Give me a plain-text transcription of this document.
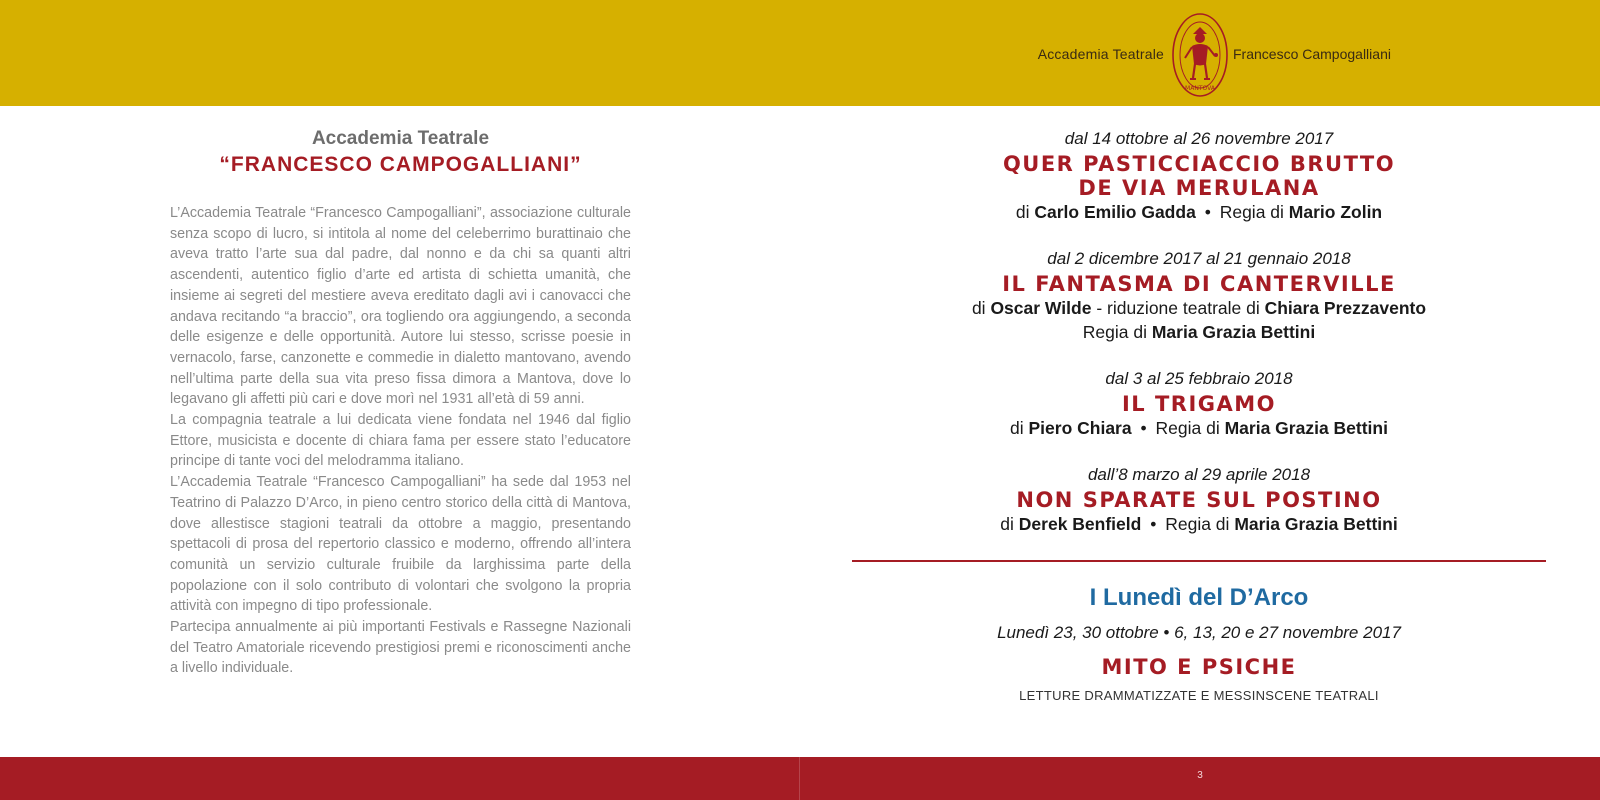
Accademia Teatrale
MANTOVA
Francesco Campogalliani
Accademia Teatrale
“FRANCESCO CAMPOGALLIANI”

L’Accademia Teatrale “Francesco Campogalliani”, associazione culturale senza scopo di lucro, si intitola al nome del celeberrimo burattinaio che aveva tratto l’arte sua dal padre, dal nonno e da chi sa quanti altri ascendenti, autentico figlio d’arte ed artista di schietta umanità, che insieme ai segreti del mestiere aveva ereditato dagli avi i canovacci che andava recitando “a braccio”, ora togliendo ora aggiungendo, a seconda delle esigenze e delle opportunità. Autore lui stesso, scrisse poesie in vernacolo, farse, canzonette e commedie in dialetto mantovano, avendo nell’ultima parte della sua vita preso fissa dimora a Mantova, dove lo legavano gli affetti più cari e dove morì nel 1931 all’età di 59 anni.

La compagnia teatrale a lui dedicata viene fondata nel 1946 dal figlio Ettore, musicista e docente di chiara fama per essere stato l’educatore principe di tante voci del melodramma italiano.

L’Accademia Teatrale “Francesco Campogalliani” ha sede dal 1953 nel Teatrino di Palazzo D’Arco, in pieno centro storico della città di Mantova, dove allestisce stagioni teatrali da ottobre a maggio, presentando spettacoli di prosa del repertorio classico e moderno, offrendo all’intera comunità un servizio culturale fruibile da larghissima parte della popolazione con il solo contributo di volontari che svolgono la propria attività con impegno di tipo professionale.

Partecipa annualmente ai più importanti Festivals e Rassegne Nazionali del Teatro Amatoriale ricevendo prestigiosi premi e riconoscimenti anche a livello individuale.

dal 14 ottobre al 26 novembre 2017
QUER PASTICCIACCIO BRUTTO
DE VIA MERULANA
di Carlo Emilio Gadda • Regia di Mario Zolin
dal 2 dicembre 2017 al 21 gennaio 2018
IL FANTASMA DI CANTERVILLE
di Oscar Wilde - riduzione teatrale di Chiara Prezzavento
Regia di Maria Grazia Bettini
dal 3 al 25 febbraio 2018
IL TRIGAMO
di Piero Chiara • Regia di Maria Grazia Bettini
dall’8 marzo al 29 aprile 2018
NON SPARATE SUL POSTINO
di Derek Benfield • Regia di Maria Grazia Bettini
I Lunedì del D’Arco
Lunedì 23, 30 ottobre • 6, 13, 20 e 27 novembre 2017
MITO E PSICHE
LETTURE DRAMMATIZZATE E MESSINSCENE TEATRALI
3
